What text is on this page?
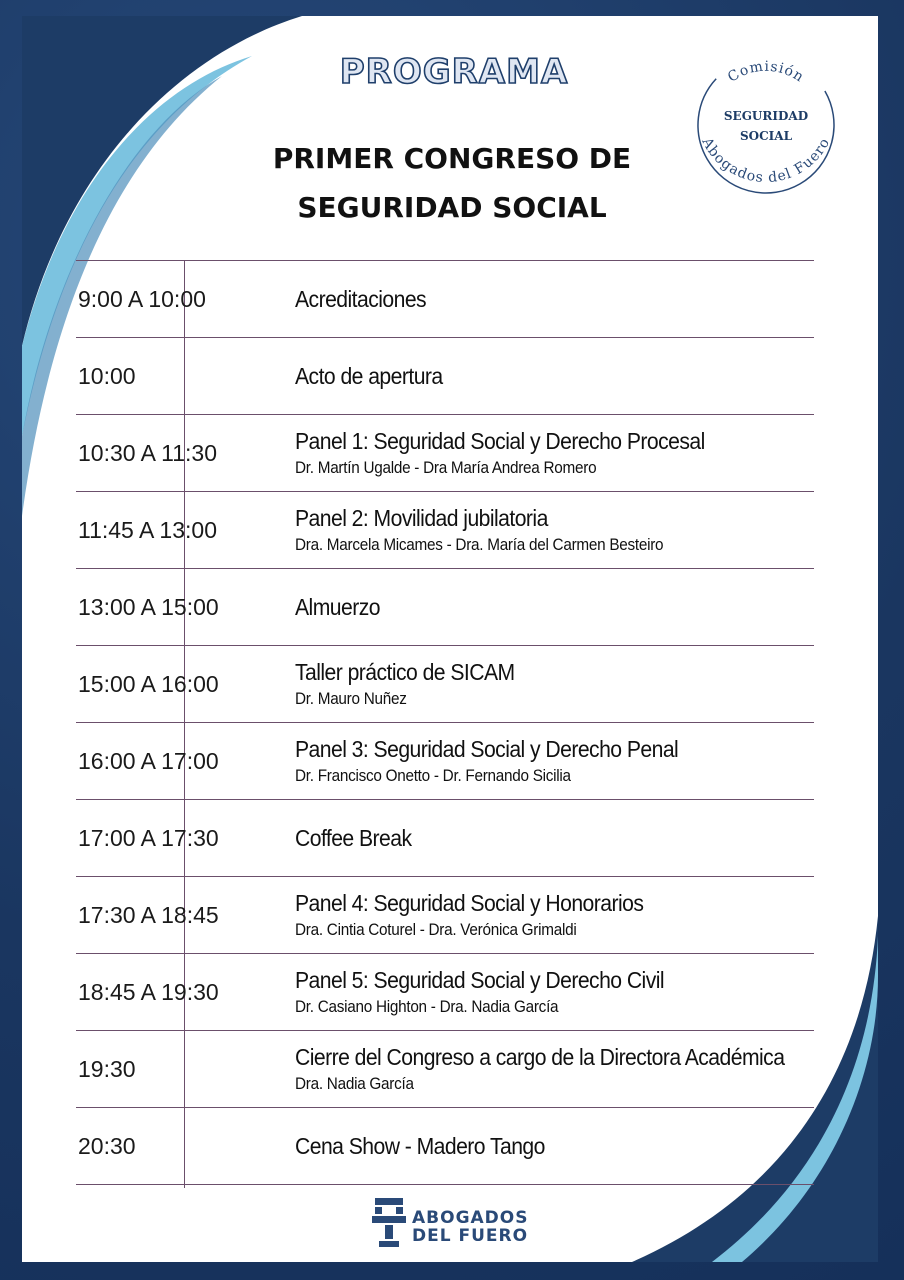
PROGRAMA
PRIMER CONGRESO DE
SEGURIDAD SOCIAL
Comisión
SEGURIDAD
SOCIAL
Abogados del Fuero
9:00 A 10:00	Acreditaciones
10:00	Acto de apertura
10:30 A 11:30	Panel 1: Seguridad Social y Derecho Procesal
Dr. Martín Ugalde - Dra María Andrea Romero
11:45 A 13:00	Panel 2: Movilidad jubilatoria
Dra. Marcela Micames - Dra. María del Carmen Besteiro
13:00 A 15:00	Almuerzo
15:00 A 16:00	Taller práctico de SICAM
Dr. Mauro Nuñez
16:00 A 17:00	Panel 3: Seguridad Social y Derecho Penal
Dr. Francisco Onetto - Dr. Fernando Sicilia
17:00 A 17:30	Coffee Break
17:30 A 18:45	Panel 4: Seguridad Social y Honorarios
Dra. Cintia Coturel - Dra. Verónica Grimaldi
18:45 A 19:30	Panel 5: Seguridad Social y Derecho Civil
Dr. Casiano Highton - Dra. Nadia García
19:30	Cierre del Congreso a cargo de la Directora Académica
Dra. Nadia García
20:30	Cena Show - Madero Tango
ABOGADOS
DEL FUERO
